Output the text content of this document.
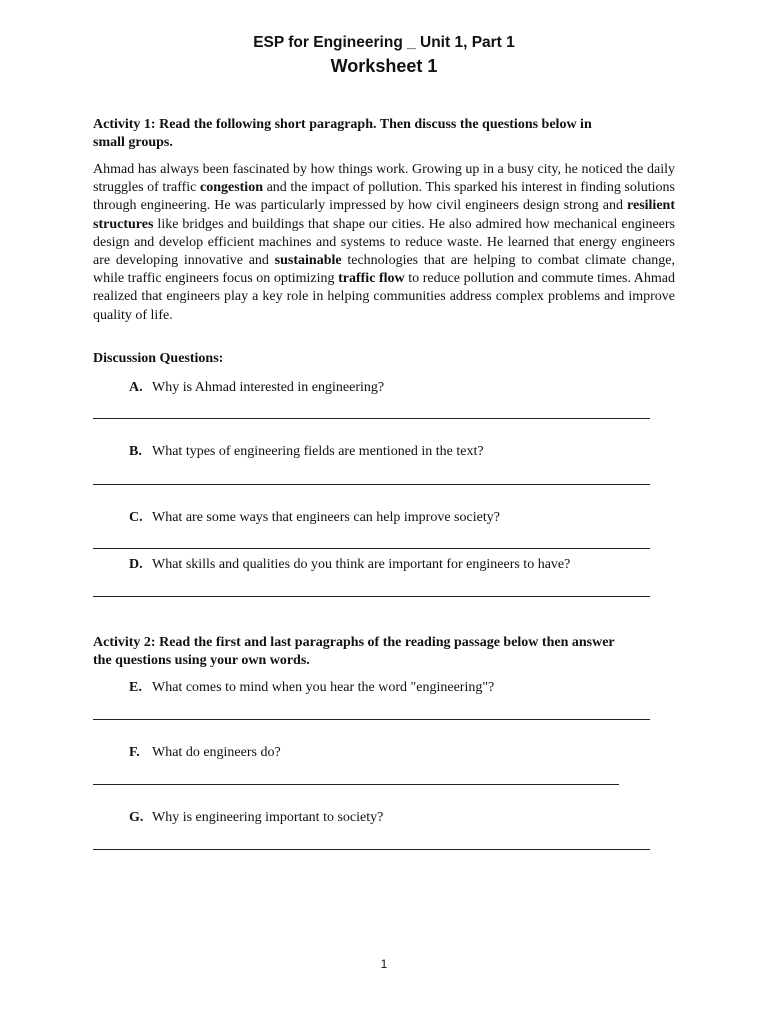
ESP for Engineering _ Unit 1, Part 1
Worksheet 1
Activity 1: Read the following short paragraph. Then discuss the questions below in
small groups.
Ahmad has always been fascinated by how things work. Growing up in a busy city, he noticed the daily struggles of traffic congestion and the impact of pollution. This sparked his interest in finding solutions through engineering. He was particularly impressed by how civil engineers design strong and resilient structures like bridges and buildings that shape our cities. He also admired how mechanical engineers design and develop efficient machines and systems to reduce waste. He learned that energy engineers are developing innovative and sustainable technologies that are helping to combat climate change, while traffic engineers focus on optimizing traffic flow to reduce pollution and commute times. Ahmad realized that engineers play a key role in helping communities address complex problems and improve quality of life.
Discussion Questions:
A. Why is Ahmad interested in engineering?
B. What types of engineering fields are mentioned in the text?
C. What are some ways that engineers can help improve society?
D. What skills and qualities do you think are important for engineers to have?
Activity 2: Read the first and last paragraphs of the reading passage below then answer
the questions using your own words.
E. What comes to mind when you hear the word "engineering"?
F. What do engineers do?
G. Why is engineering important to society?
1
